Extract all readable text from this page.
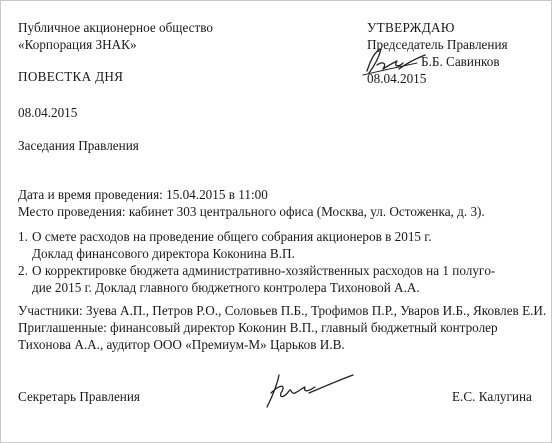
Публичное акционерное общество
«Корпорация ЗНАК»
УТВЕРЖДАЮ
Председатель Правления
Б.Б. Савинков
08.04.2015
ПОВЕСТКА ДНЯ
08.04.2015
Заседания Правления
Дата и время проведения: 15.04.2015 в 11:00
Место проведения: кабинет 303 центрального офиса (Москва, ул. Остоженка, д. 3).
1. О смете расходов на проведение общего собрания акционеров в 2015 г.
Доклад финансового директора Коконина В.П.
2. О корректировке бюджета административно-хозяйственных расходов на 1 полугo-
дие 2015 г. Доклад главного бюджетного контролера Тихоновой А.А.
Участники: Зуева А.П., Петров Р.О., Соловьев П.Б., Трофимов П.Р., Уваров И.Б., Яковлев Е.И.
Приглашенные: финансовый директор Коконин В.П., главный бюджетный контролер
Тихонова А.А., аудитор ООО «Премиум-М» Царьков И.В.
Секретарь Правления	Е.С. Калугина
